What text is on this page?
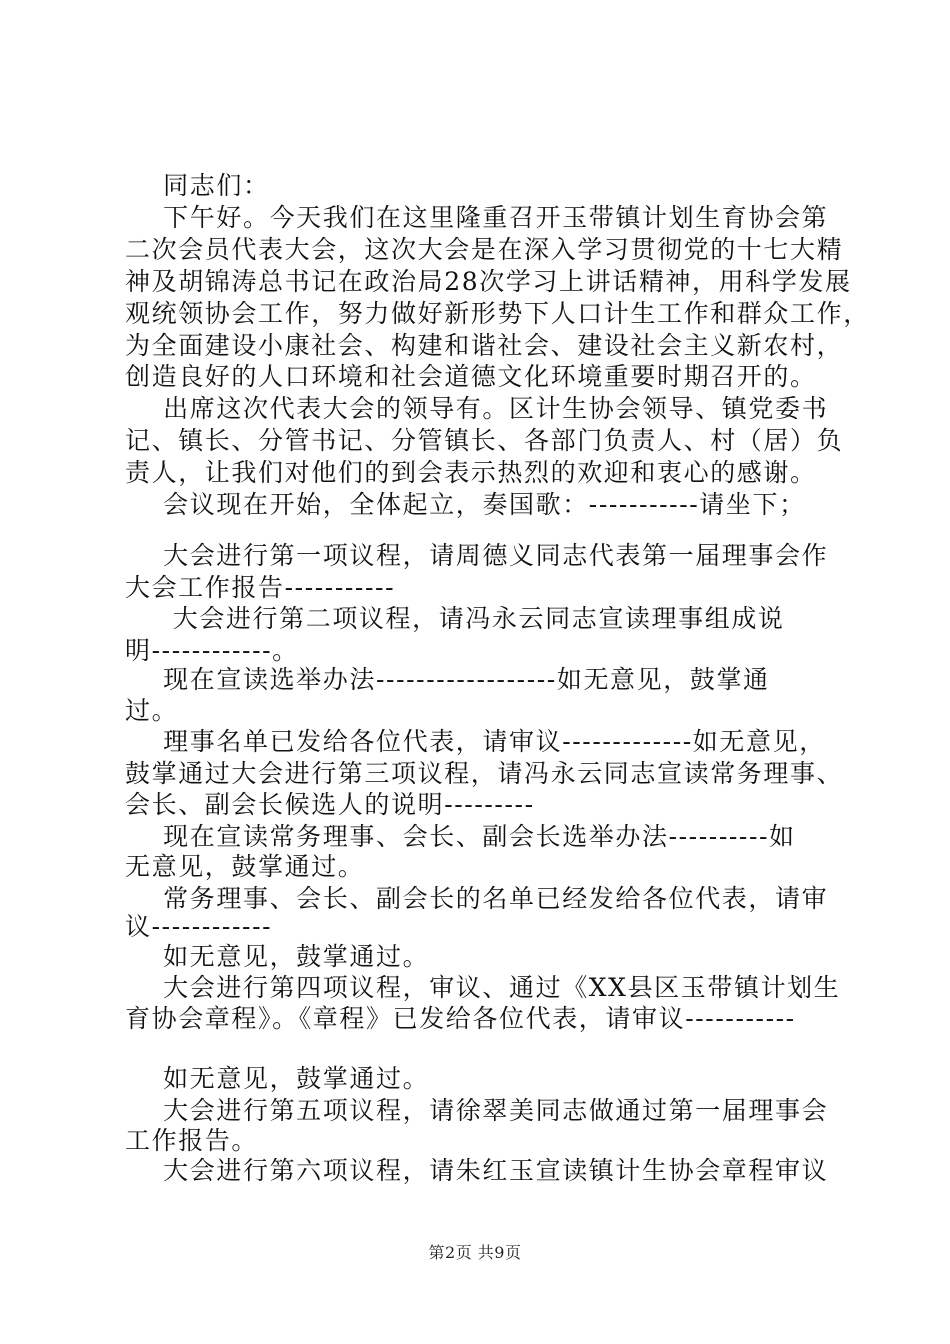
同志们：
下午好。今天我们在这里隆重召开玉带镇计划生育协会第
二次会员代表大会，这次大会是在深入学习贯彻党的十七大精
神及胡锦涛总书记在政治局28次学习上讲话精神，用科学发展
观统领协会工作，努力做好新形势下人口计生工作和群众工作，
为全面建设小康社会、构建和谐社会、建设社会主义新农村，
创造良好的人口环境和社会道德文化环境重要时期召开的。
出席这次代表大会的领导有。区计生协会领导、镇党委书
记、镇长、分管书记、分管镇长、各部门负责人、村（居）负
责人，让我们对他们的到会表示热烈的欢迎和衷心的感谢。
会议现在开始，全体起立，奏国歌：-----------请坐下；
大会进行第一项议程，请周德义同志代表第一届理事会作
大会工作报告-----------
大会进行第二项议程，请冯永云同志宣读理事组成说
明------------。
现在宣读选举办法------------------如无意见，鼓掌通
过。
理事名单已发给各位代表，请审议-------------如无意见，
鼓掌通过大会进行第三项议程，请冯永云同志宣读常务理事、
会长、副会长候选人的说明---------
现在宣读常务理事、会长、副会长选举办法----------如
无意见，鼓掌通过。
常务理事、会长、副会长的名单已经发给各位代表，请审
议------------
如无意见，鼓掌通过。
大会进行第四项议程，审议、通过《XX县区玉带镇计划生
育协会章程》。《章程》已发给各位代表，请审议-----------
如无意见，鼓掌通过。
大会进行第五项议程，请徐翠美同志做通过第一届理事会
工作报告。
大会进行第六项议程，请朱红玉宣读镇计生协会章程审议
第2页 共9页
